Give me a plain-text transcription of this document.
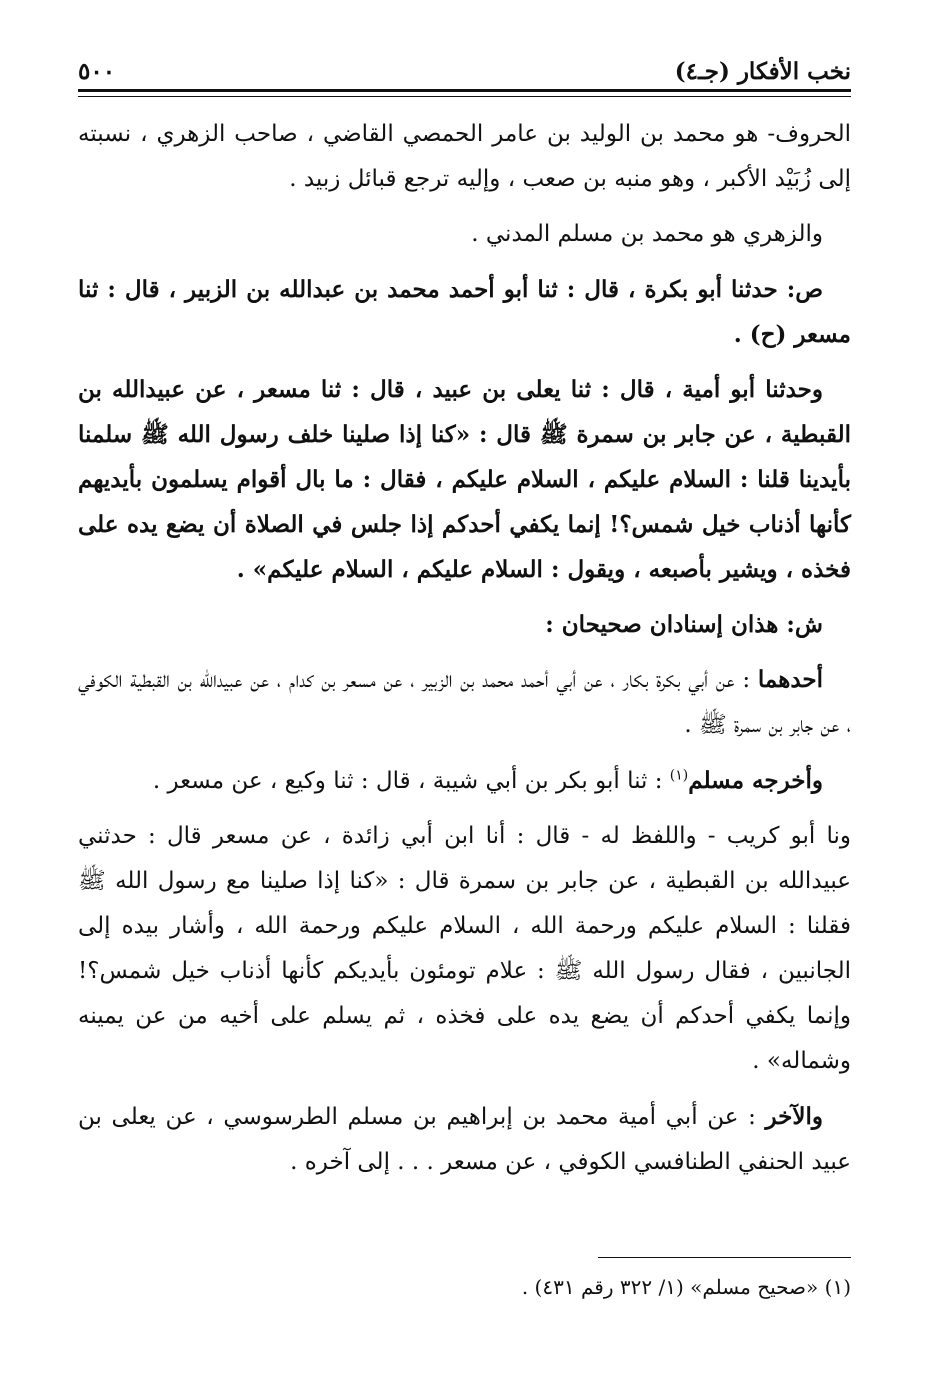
٥٠٠	نخب الأفكار (جـ٤)

الحروف- هو محمد بن الوليد بن عامر الحمصي القاضي ، صاحب الزهري ، نسبته إلى زُبَيْد الأكبر ، وهو منبه بن صعب ، وإليه ترجع قبائل زبيد .

والزهري هو محمد بن مسلم المدني .

ص: حدثنا أبو بكرة ، قال : ثنا أبو أحمد محمد بن عبدالله بن الزبير ، قال : ثنا مسعر (ح) .

وحدثنا أبو أمية ، قال : ثنا يعلى بن عبيد ، قال : ثنا مسعر ، عن عبيدالله بن القبطية ، عن جابر بن سمرة ﷺ قال : «كنا إذا صلينا خلف رسول الله ﷺ سلمنا بأيدينا قلنا : السلام عليكم ، السلام عليكم ، فقال : ما بال أقوام يسلمون بأيديهم كأنها أذناب خيل شمس؟! إنما يكفي أحدكم إذا جلس في الصلاة أن يضع يده على فخذه ، ويشير بأصبعه ، ويقول : السلام عليكم ، السلام عليكم» .

ش: هذان إسنادان صحيحان :

أحدهما : عن أبي بكرة بكار ، عن أبي أحمد محمد بن الزبير ، عن مسعر بن كدام ، عن عبيدالله بن القبطية الكوفي ، عن جابر بن سمرة ﷺ .

وأخرجه مسلم$^{(١)}$ : ثنا أبو بكر بن أبي شيبة ، قال : ثنا وكيع ، عن مسعر .

ونا أبو كريب - واللفظ له - قال : أنا ابن أبي زائدة ، عن مسعر قال : حدثني عبيدالله بن القبطية ، عن جابر بن سمرة قال : «كنا إذا صلينا مع رسول الله ﷺ فقلنا : السلام عليكم ورحمة الله ، السلام عليكم ورحمة الله ، وأشار بيده إلى الجانبين ، فقال رسول الله ﷺ : علام تومئون بأيديكم كأنها أذناب خيل شمس؟! وإنما يكفي أحدكم أن يضع يده على فخذه ، ثم يسلم على أخيه من عن يمينه وشماله» .

والآخر : عن أبي أمية محمد بن إبراهيم بن مسلم الطرسوسي ، عن يعلى بن عبيد الحنفي الطنافسي الكوفي ، عن مسعر . . . إلى آخره .

(١) «صحيح مسلم» (١/ ٣٢٢ رقم ٤٣١) .
